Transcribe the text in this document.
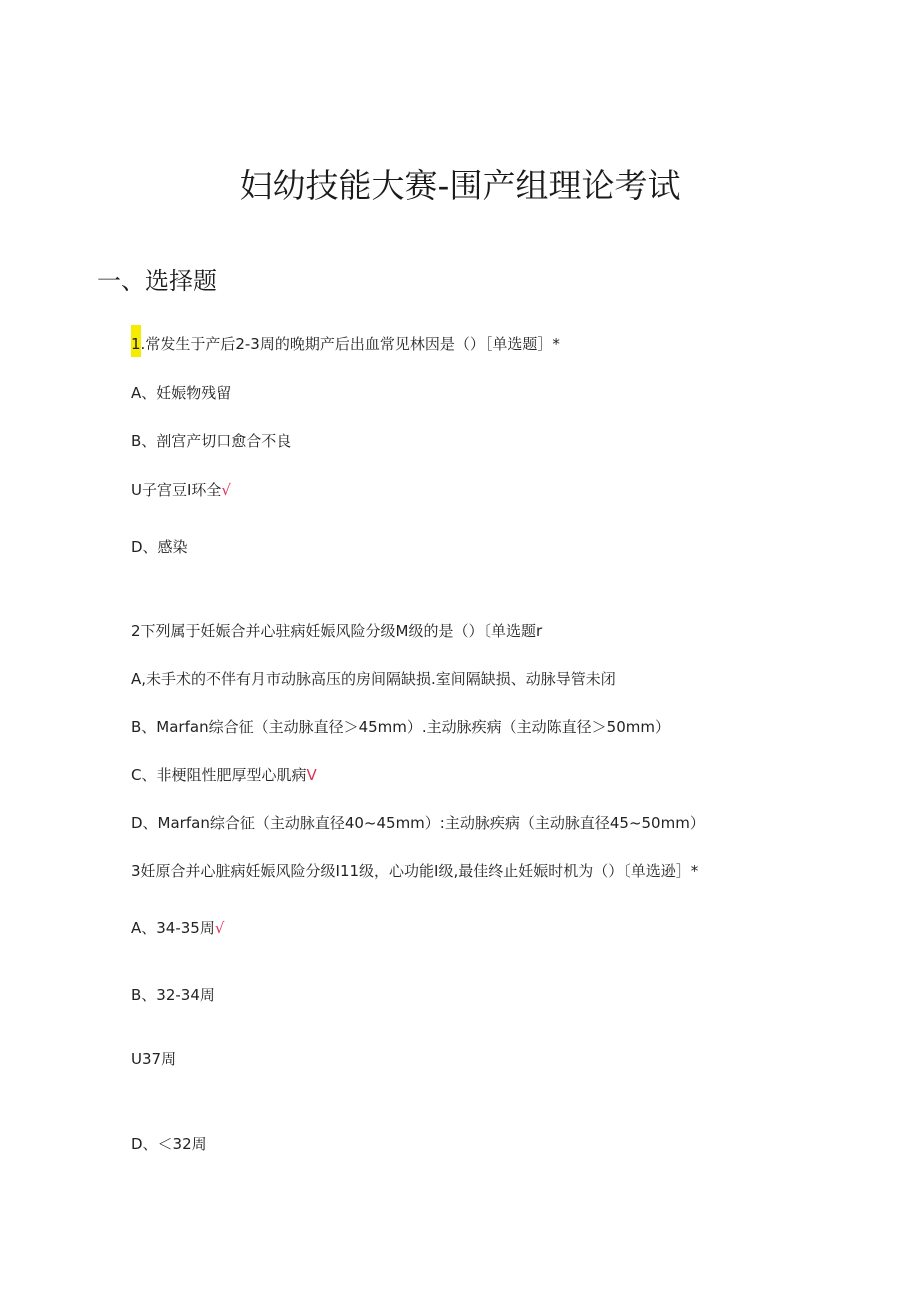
妇幼技能大赛-围产组理论考试
一、选择题
1.常发生于产后2-3周的晚期产后出血常见林因是（）［单选题］*
A、妊娠物残留
B、剖宫产切口愈合不良
U子宫豆I环全√
D、感染
2下列属于妊娠合并心驻病妊娠风险分级M级的是（）〔单选题r
A,未手术的不伴有月市动脉高压的房间隔缺损.室间隔缺损、动脉导管未闭
B、Marfan综合征（主动脉直径＞45mm）.主动脉疾病（主动陈直径＞50mm）
C、非梗阻性肥厚型心肌病V
D、Marfan综合征（主动脉直径40~45mm）:主动脉疾病（主动脉直径45~50mm）
3妊原合并心脏病妊娠风险分级I11级，心功能I级,最佳终止妊娠时机为（）〔单选逊］*
A、34-35周√
B、32-34周
U37周
D、＜32周
